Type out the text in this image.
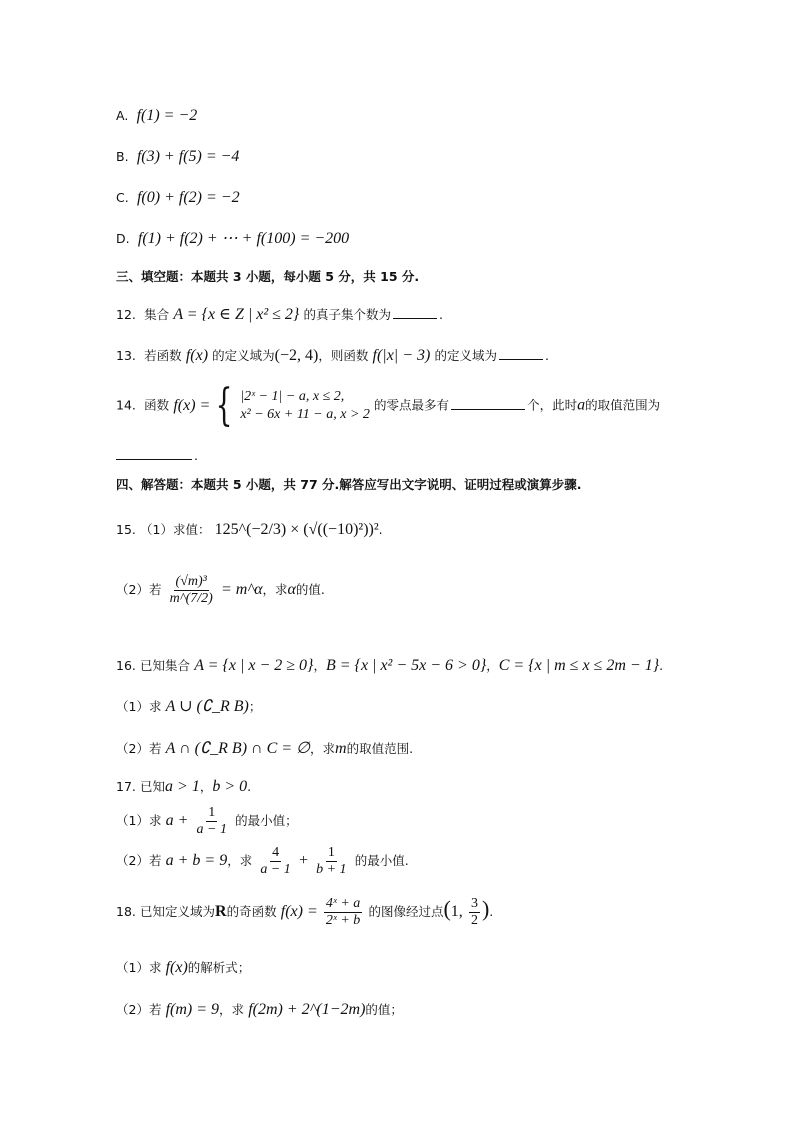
A. f(1) = −2
B. f(3) + f(5) = −4
C. f(0) + f(2) = −2
D. f(1) + f(2) + ⋯ + f(100) = −200
三、填空题：本题共 3 小题，每小题 5 分，共 15 分.
12. 集合 A = {x ∈ Z | x² ≤ 2} 的真子集个数为	.
13. 若函数 f(x) 的定义域为(−2, 4)，则函数 f(|x| − 3) 的定义域为	.
14. 函数 f(x) = { |2ˣ − 1| − a, x ≤ 2,
x² − 6x + 11 − a, x > 2
的零点最多有	个，此时a的取值范围为
.
四、解答题：本题共 5 小题，共 77 分.解答应写出文字说明、证明过程或演算步骤.
15. （1）求值： 125^(−2/3) × (√((−10)²))².
（2）若 $\frac{\text{(√m)³}}{m\^{}(7/2)}$ = m^α，求α的值.
16. 已知集合 A = {x | x − 2 ≥ 0}，B = {x | x² − 5x − 6 > 0}，C = {x | m ≤ x ≤ 2m − 1}.
（1）求 A ∪ (∁_R B)；
（2）若 A ∩ (∁_R B) ∩ C = ∅，求m的取值范围.
17. 已知a > 1，b > 0.
（1）求 $a + \frac{1}{a - 1}$ 的最小值；
（2）若 a + b = 9，求 $\frac{4}{a - 1} + \frac{1}{b + 1}$ 的最小值.
18. 已知定义域为R的奇函数 $f(x) = \frac{\text{4ˣ + a}}{\text{2ˣ + b}}$ 的图像经过点(1, $\frac{3}{2}$ ).
（1）求 f(x)的解析式；
（2）若 f(m) = 9，求 f(2m) + 2^(1−2m)的值；
